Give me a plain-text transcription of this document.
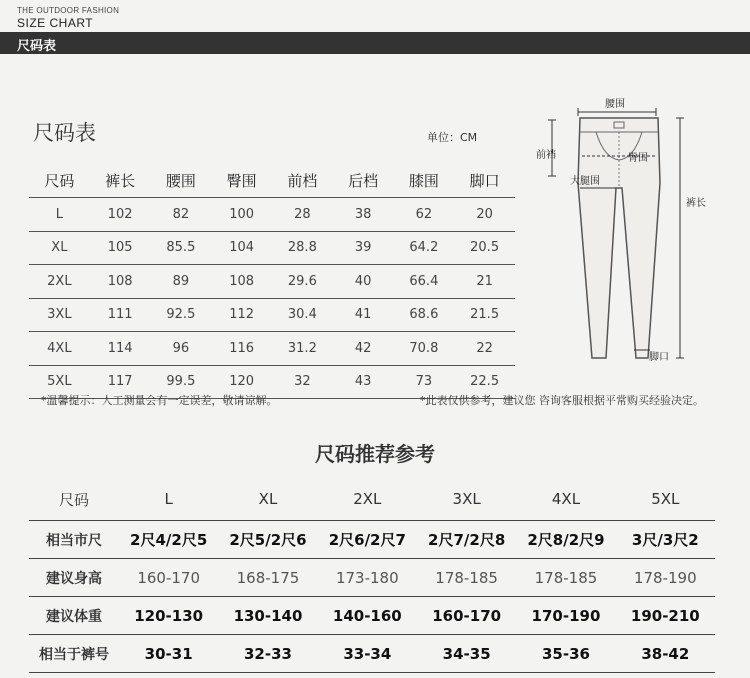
THE OUTDOOR FASHION
SIZE CHART
尺码表
尺码表	单位：CM
尺码	裤长	腰围	臀围	前档	后档	膝围	脚口
L	102	82	100	28	38	62	20
XL	105	85.5	104	28.8	39	64.2	20.5
2XL	108	89	108	29.6	40	66.4	21
3XL	111	92.5	112	30.4	41	68.6	21.5
4XL	114	96	116	31.2	42	70.8	22
5XL	117	99.5	120	32	43	73	22.5
腰围
前裆	臀围
大腿围
裤长
脚口
*温馨提示：人工测量会有一定误差，敬请谅解。	*此表仅供参考，建议您 咨询客服根据平常购买经验决定。
尺码推荐参考
尺码	L	XL	2XL	3XL	4XL	5XL
相当市尺	2尺4/2尺5	2尺5/2尺6	2尺6/2尺7	2尺7/2尺8	2尺8/2尺9	3尺/3尺2
建议身高	160-170	168-175	173-180	178-185	178-185	178-190
建议体重	120-130	130-140	140-160	160-170	170-190	190-210
相当于裤号	30-31	32-33	33-34	34-35	35-36	38-42
